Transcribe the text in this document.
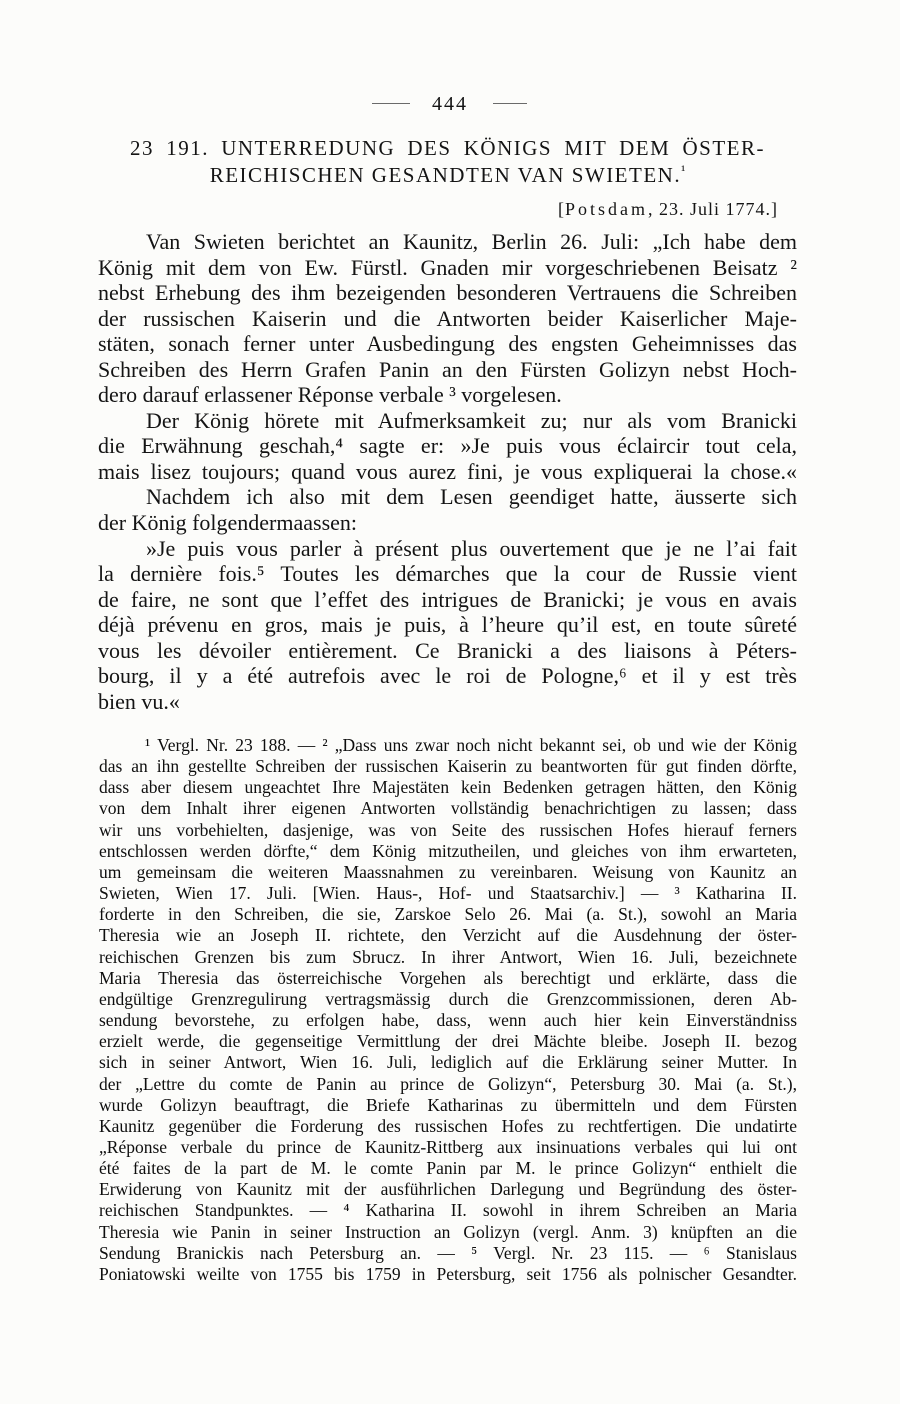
444
23 191. UNTERREDUNG DES KÖNIGS MIT DEM ÖSTER-
REICHISCHEN GESANDTEN VAN SWIETEN.$^{^1}$
[Potsdam, 23. Juli 1774.]
Van Swieten berichtet an Kaunitz, Berlin 26. Juli: „Ich habe dem
König mit dem von Ew. Fürstl. Gnaden mir vorgeschriebenen Beisatz ²
nebst Erhebung des ihm bezeigenden besonderen Vertrauens die Schreiben
der russischen Kaiserin und die Antworten beider Kaiserlicher Maje-
stäten, sonach ferner unter Ausbedingung des engsten Geheimnisses das
Schreiben des Herrn Grafen Panin an den Fürsten Golizyn nebst Hoch-
dero darauf erlassener Réponse verbale ³ vorgelesen.
Der König hörete mit Aufmerksamkeit zu; nur als vom Branicki
die Erwähnung geschah,⁴ sagte er: »Je puis vous éclaircir tout cela,
mais lisez toujours; quand vous aurez fini, je vous expliquerai la chose.«
Nachdem ich also mit dem Lesen geendiget hatte, äusserte sich
der König folgendermaassen:
»Je puis vous parler à présent plus ouvertement que je ne l’ai fait
la dernière fois.⁵ Toutes les démarches que la cour de Russie vient
de faire, ne sont que l’effet des intrigues de Branicki; je vous en avais
déjà prévenu en gros, mais je puis, à l’heure qu’il est, en toute sûreté
vous les dévoiler entièrement. Ce Branicki a des liaisons à Péters-
bourg, il y a été autrefois avec le roi de Pologne,⁶ et il y est très
bien vu.«
¹ Vergl. Nr. 23 188. — ² „Dass uns zwar noch nicht bekannt sei, ob und wie der König
das an ihn gestellte Schreiben der russischen Kaiserin zu beantworten für gut finden dörfte,
dass aber diesem ungeachtet Ihre Majestäten kein Bedenken getragen hätten, den König
von dem Inhalt ihrer eigenen Antworten vollständig benachrichtigen zu lassen; dass
wir uns vorbehielten, dasjenige, was von Seite des russischen Hofes hierauf ferners
entschlossen werden dörfte,“ dem König mitzutheilen, und gleiches von ihm erwarteten,
um gemeinsam die weiteren Maassnahmen zu vereinbaren. Weisung von Kaunitz an
Swieten, Wien 17. Juli. [Wien. Haus-, Hof- und Staatsarchiv.] — ³ Katharina II.
forderte in den Schreiben, die sie, Zarskoe Selo 26. Mai (a. St.), sowohl an Maria
Theresia wie an Joseph II. richtete, den Verzicht auf die Ausdehnung der öster-
reichischen Grenzen bis zum Sbrucz. In ihrer Antwort, Wien 16. Juli, bezeichnete
Maria Theresia das österreichische Vorgehen als berechtigt und erklärte, dass die
endgültige Grenzregulirung vertragsmässig durch die Grenzcommissionen, deren Ab-
sendung bevorstehe, zu erfolgen habe, dass, wenn auch hier kein Einverständniss
erzielt werde, die gegenseitige Vermittlung der drei Mächte bleibe. Joseph II. bezog
sich in seiner Antwort, Wien 16. Juli, lediglich auf die Erklärung seiner Mutter. In
der „Lettre du comte de Panin au prince de Golizyn“, Petersburg 30. Mai (a. St.),
wurde Golizyn beauftragt, die Briefe Katharinas zu übermitteln und dem Fürsten
Kaunitz gegenüber die Forderung des russischen Hofes zu rechtfertigen. Die undatirte
„Réponse verbale du prince de Kaunitz-Rittberg aux insinuations verbales qui lui ont
été faites de la part de M. le comte Panin par M. le prince Golizyn“ enthielt die
Erwiderung von Kaunitz mit der ausführlichen Darlegung und Begründung des öster-
reichischen Standpunktes. — ⁴ Katharina II. sowohl in ihrem Schreiben an Maria
Theresia wie Panin in seiner Instruction an Golizyn (vergl. Anm. 3) knüpften an die
Sendung Branickis nach Petersburg an. — ⁵ Vergl. Nr. 23 115. — ⁶ Stanislaus
Poniatowski weilte von 1755 bis 1759 in Petersburg, seit 1756 als polnischer Gesandter.
